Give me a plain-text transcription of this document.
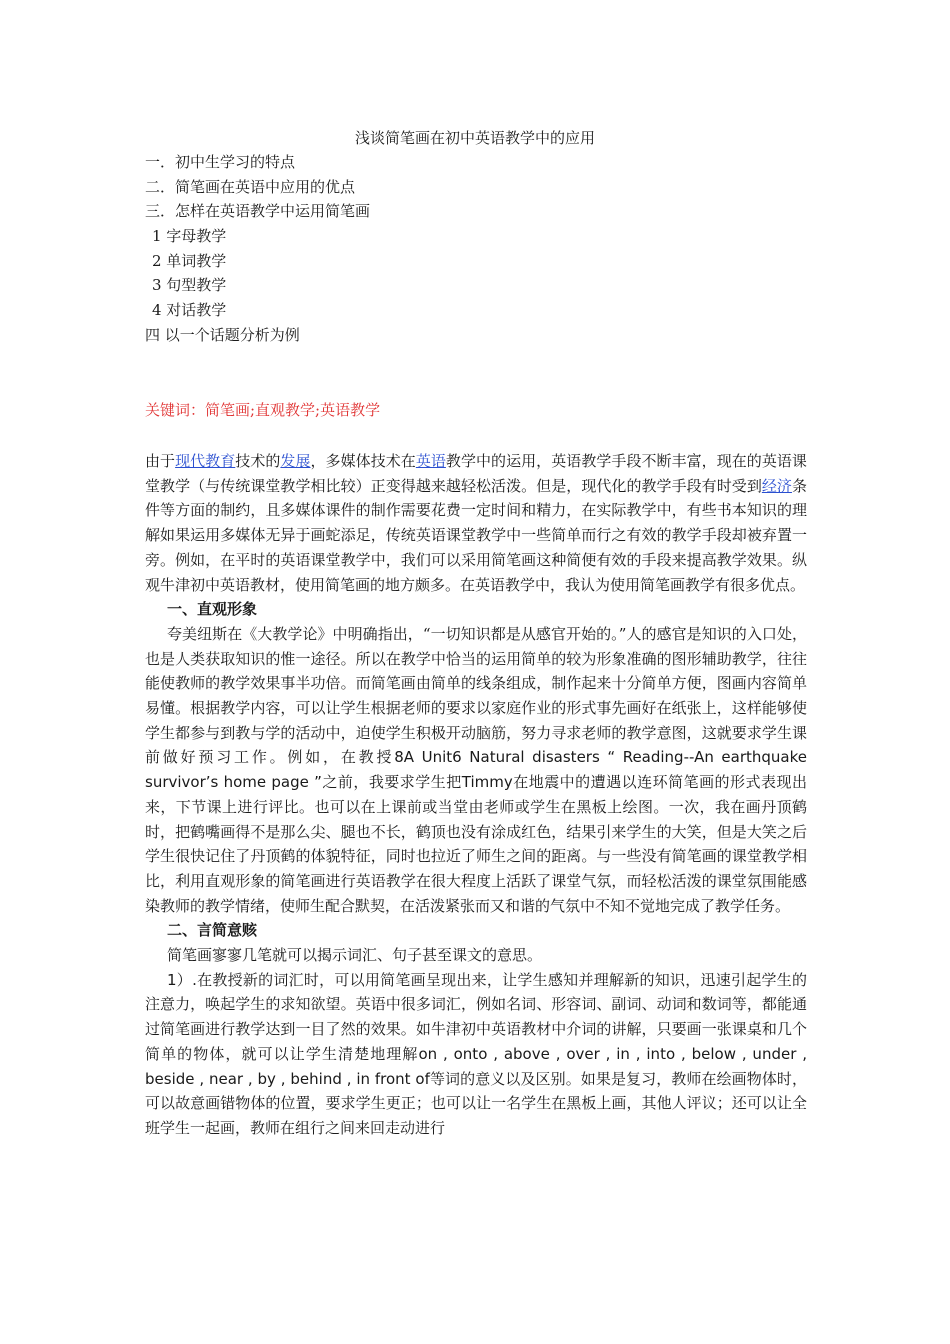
浅谈简笔画在初中英语教学中的应用
一．初中生学习的特点
二．简笔画在英语中应用的优点
三．怎样在英语教学中运用简笔画
1 字母教学
2 单词教学
3 句型教学
4 对话教学
四 以一个话题分析为例
关键词：简笔画;直观教学;英语教学

由于现代教育技术的发展，多媒体技术在英语教学中的运用，英语教学手段不断丰富，现在的英语课堂教学（与传统课堂教学相比较）正变得越来越轻松活泼。但是，现代化的教学手段有时受到经济条件等方面的制约，且多媒体课件的制作需要花费一定时间和精力，在实际教学中，有些书本知识的理解如果运用多媒体无异于画蛇添足，传统英语课堂教学中一些简单而行之有效的教学手段却被弃置一旁。例如，在平时的英语课堂教学中，我们可以采用简笔画这种简便有效的手段来提高教学效果。纵观牛津初中英语教材，使用简笔画的地方颇多。在英语教学中，我认为使用简笔画教学有很多优点。

一、直观形象

夸美纽斯在《大教学论》中明确指出，“一切知识都是从感官开始的。”人的感官是知识的入口处，也是人类获取知识的惟一途径。所以在教学中恰当的运用简单的较为形象准确的图形辅助教学，往往能使教师的教学效果事半功倍。而简笔画由简单的线条组成，制作起来十分简单方便，图画内容简单易懂。根据教学内容，可以让学生根据老师的要求以家庭作业的形式事先画好在纸张上，这样能够使学生都参与到教与学的活动中，迫使学生积极开动脑筋，努力寻求老师的教学意图，这就要求学生课前做好预习工作。例如，在教授8A Unit6 Natural disasters “ Reading--An earthquake survivor’s home page ”之前，我要求学生把Timmy在地震中的遭遇以连环简笔画的形式表现出来，下节课上进行评比。也可以在上课前或当堂由老师或学生在黑板上绘图。一次，我在画丹顶鹤时，把鹤嘴画得不是那么尖、腿也不长，鹤顶也没有涂成红色，结果引来学生的大笑，但是大笑之后学生很快记住了丹顶鹤的体貌特征，同时也拉近了师生之间的距离。与一些没有简笔画的课堂教学相比，利用直观形象的简笔画进行英语教学在很大程度上活跃了课堂气氛，而轻松活泼的课堂氛围能感染教师的教学情绪，使师生配合默契，在活泼紧张而又和谐的气氛中不知不觉地完成了教学任务。

二、言简意赅

简笔画寥寥几笔就可以揭示词汇、句子甚至课文的意思。

1）.在教授新的词汇时，可以用简笔画呈现出来，让学生感知并理解新的知识，迅速引起学生的注意力，唤起学生的求知欲望。英语中很多词汇，例如名词、形容词、副词、动词和数词等，都能通过简笔画进行教学达到一目了然的效果。如牛津初中英语教材中介词的讲解，只要画一张课桌和几个简单的物体，就可以让学生清楚地理解on , onto , above , over , in , into , below , under , beside , near , by , behind , in front of等词的意义以及区别。如果是复习，教师在绘画物体时，可以故意画错物体的位置，要求学生更正；也可以让一名学生在黑板上画，其他人评议；还可以让全班学生一起画，教师在组行之间来回走动进行
